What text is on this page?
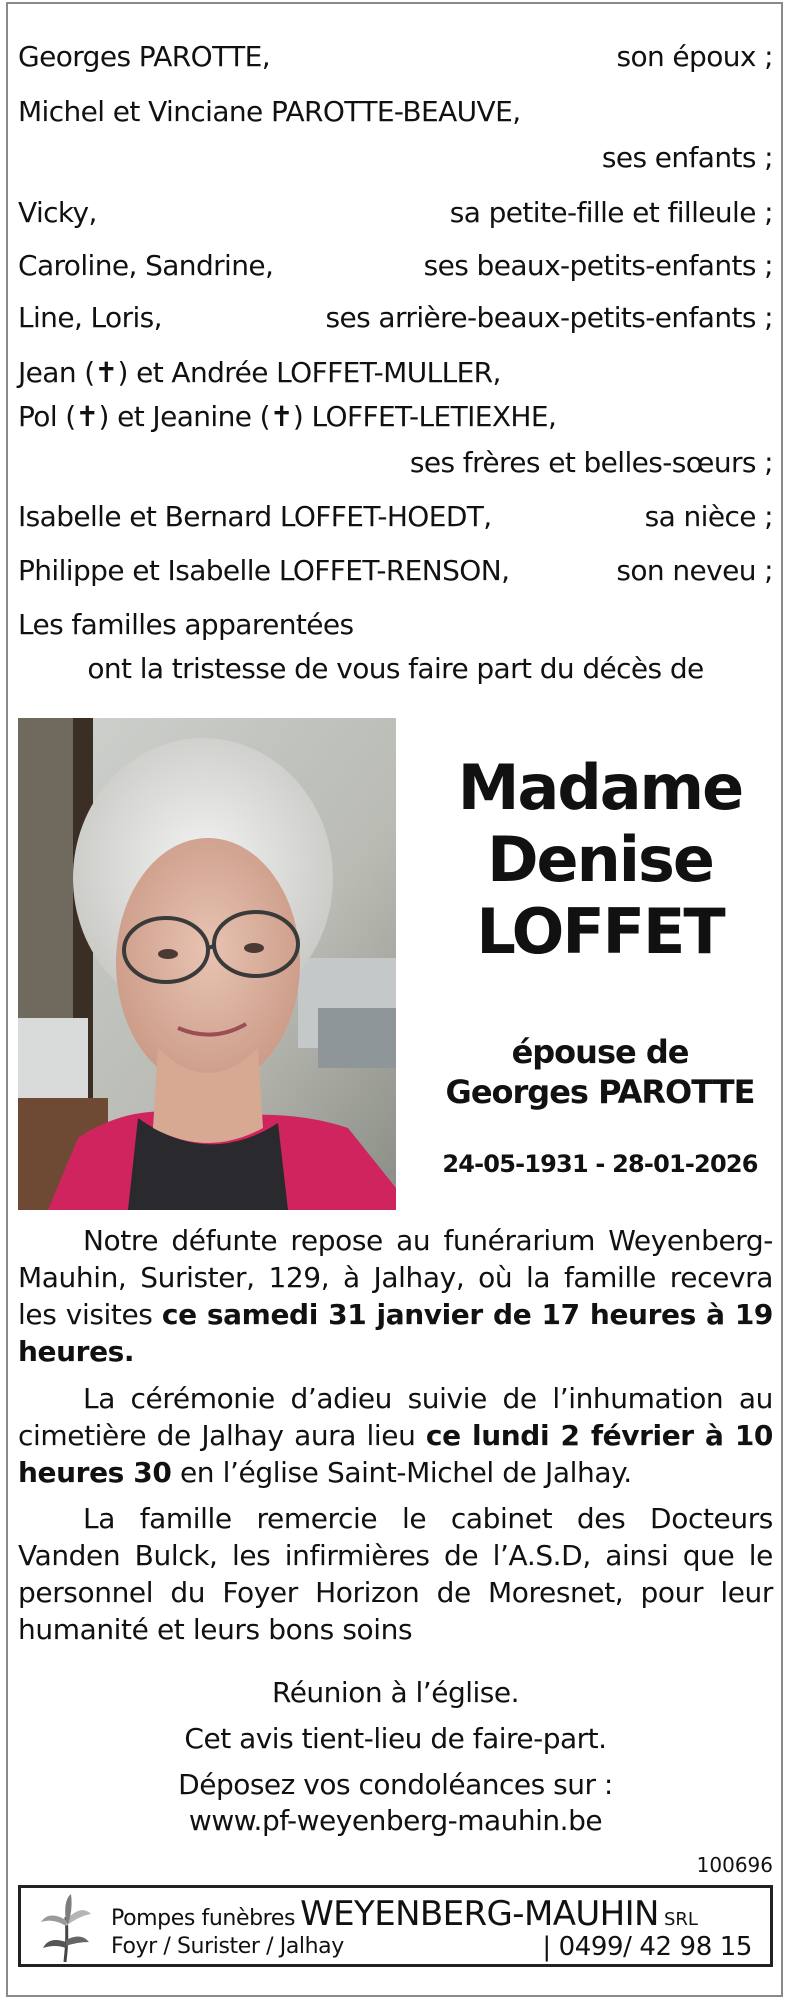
Georges PAROTTE,	son époux ;
Michel et Vinciane PAROTTE-BEAUVE,
ses enfants ;
Vicky,	sa petite-fille et filleule ;
Caroline, Sandrine,	ses beaux-petits-enfants ;
Line, Loris,	ses arrière-beaux-petits-enfants ;
Jean (✝) et Andrée LOFFET-MULLER,
Pol (✝) et Jeanine (✝) LOFFET-LETIEXHE,
ses frères et belles-sœurs ;
Isabelle et Bernard LOFFET-HOEDT,	sa nièce ;
Philippe et Isabelle LOFFET-RENSON,	son neveu ;
Les familles apparentées
ont la tristesse de vous faire part du décès de
Madame
Denise
LOFFET
épouse de
Georges PAROTTE
24-05-1931 - 28-01-2026
Notre défunte repose au funérarium Weyenberg-Mauhin, Surister, 129, à Jalhay, où la famille recevra les visites ce samedi 31 janvier de 17 heures à 19 heures.
La cérémonie d’adieu suivie de l’inhumation au cimetière de Jalhay aura lieu ce lundi 2 février à 10 heures 30 en l’église Saint-Michel de Jalhay.
La famille remercie le cabinet des Docteurs Vanden Bulck, les infirmières de l’A.S.D, ainsi que le personnel du Foyer Horizon de Moresnet, pour leur humanité et leurs bons soins
Réunion à l’église.
Cet avis tient-lieu de faire-part.
Déposez vos condoléances sur :
www.pf-weyenberg-mauhin.be
100696
Pompes funèbres WEYENBERG-MAUHIN SRL
Foyr / Surister / Jalhay	| 0499/ 42 98 15
